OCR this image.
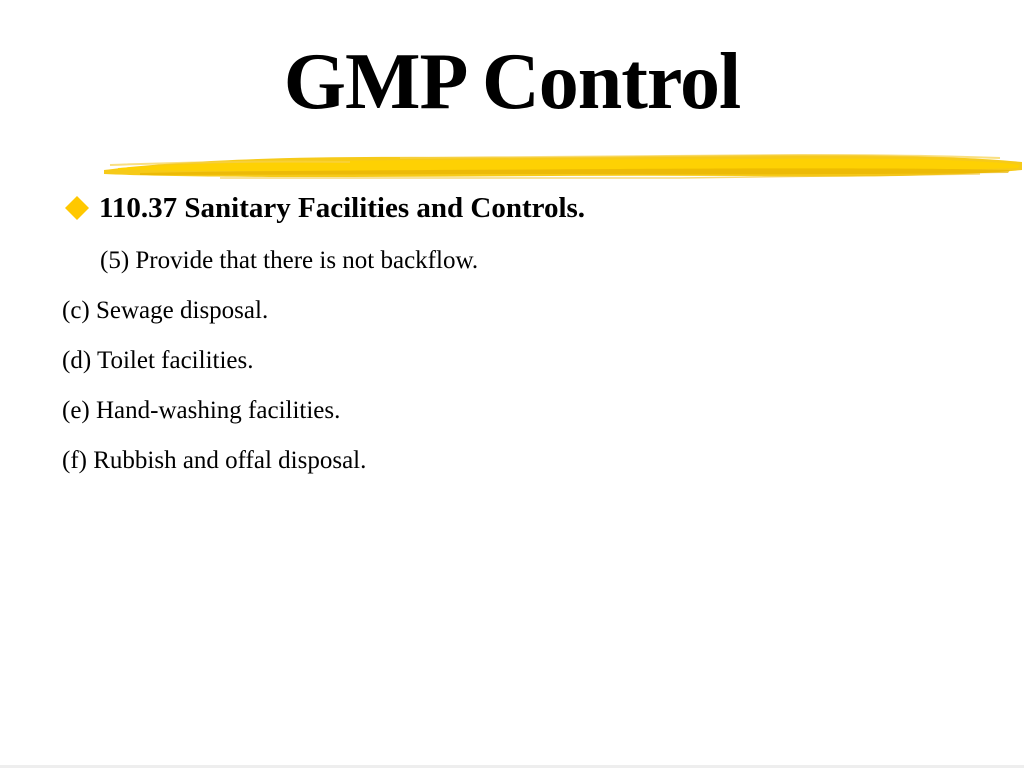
GMP Control
110.37 Sanitary Facilities and Controls.
(5) Provide that there is not backflow.
(c) Sewage disposal.
(d) Toilet facilities.
(e) Hand-washing facilities.
(f) Rubbish and offal disposal.
